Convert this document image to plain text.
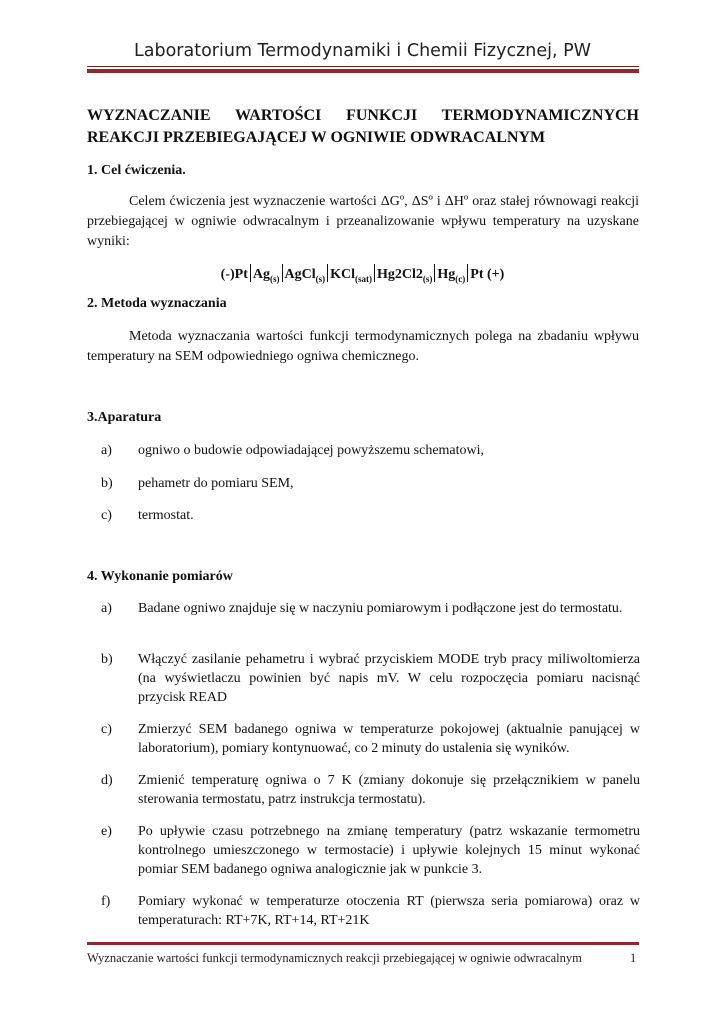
Laboratorium Termodynamiki i Chemii Fizycznej, PW
WYZNACZANIE WARTOŚCI FUNKCJI TERMODYNAMICZNYCH
REAKCJI PRZEBIEGAJĄCEJ W OGNIWIE ODWRACALNYM
1. Cel ćwiczenia.

Celem ćwiczenia jest wyznaczenie wartości ΔGº, ΔSº i ΔHº oraz stałej równowagi reakcji przebiegającej w ogniwie odwracalnym i przeanalizowanie wpływu temperatury na uzyskane wyniki:

(-)Pt $Ag_{(s)}$ AgCl$_{(s)}$ KCl$_{(sat)}$ $Hg2Cl2_{(s)}$ $Hg_{(c)}$ Pt (+)
2. Metoda wyznaczania

Metoda wyznaczania wartości funkcji termodynamicznych polega na zbadaniu wpływu temperatury na SEM odpowiedniego ogniwa chemicznego.

3.Aparatura
a)	ogniwo o budowie odpowiadającej powyższemu schematowi,
b)	pehametr do pomiaru SEM,
c)	termostat.
4. Wykonanie pomiarów
a)	Badane ogniwo znajduje się w naczyniu pomiarowym i podłączone jest do termostatu.
b)	Włączyć zasilanie pehametru i wybrać przyciskiem MODE tryb pracy miliwoltomierza (na wyświetlaczu powinien być napis mV. W celu rozpoczęcia pomiaru nacisnąć przycisk READ
c)	Zmierzyć SEM badanego ogniwa w temperaturze pokojowej (aktualnie panującej w laboratorium), pomiary kontynuować, co 2 minuty do ustalenia się wyników.
d)	Zmienić temperaturę ogniwa o 7 K (zmiany dokonuje się przełącznikiem w panelu sterowania termostatu, patrz instrukcja termostatu).
e)	Po upływie czasu potrzebnego na zmianę temperatury (patrz wskazanie termometru kontrolnego umieszczonego w termostacie) i upływie kolejnych 15 minut wykonać pomiar SEM badanego ogniwa analogicznie jak w punkcie 3.
f)	Pomiary wykonać w temperaturze otoczenia RT (pierwsza seria pomiarowa) oraz w temperaturach: RT+7K, RT+14, RT+21K
Wyznaczanie wartości funkcji termodynamicznych reakcji przebiegającej w ogniwie odwracalnym	1
